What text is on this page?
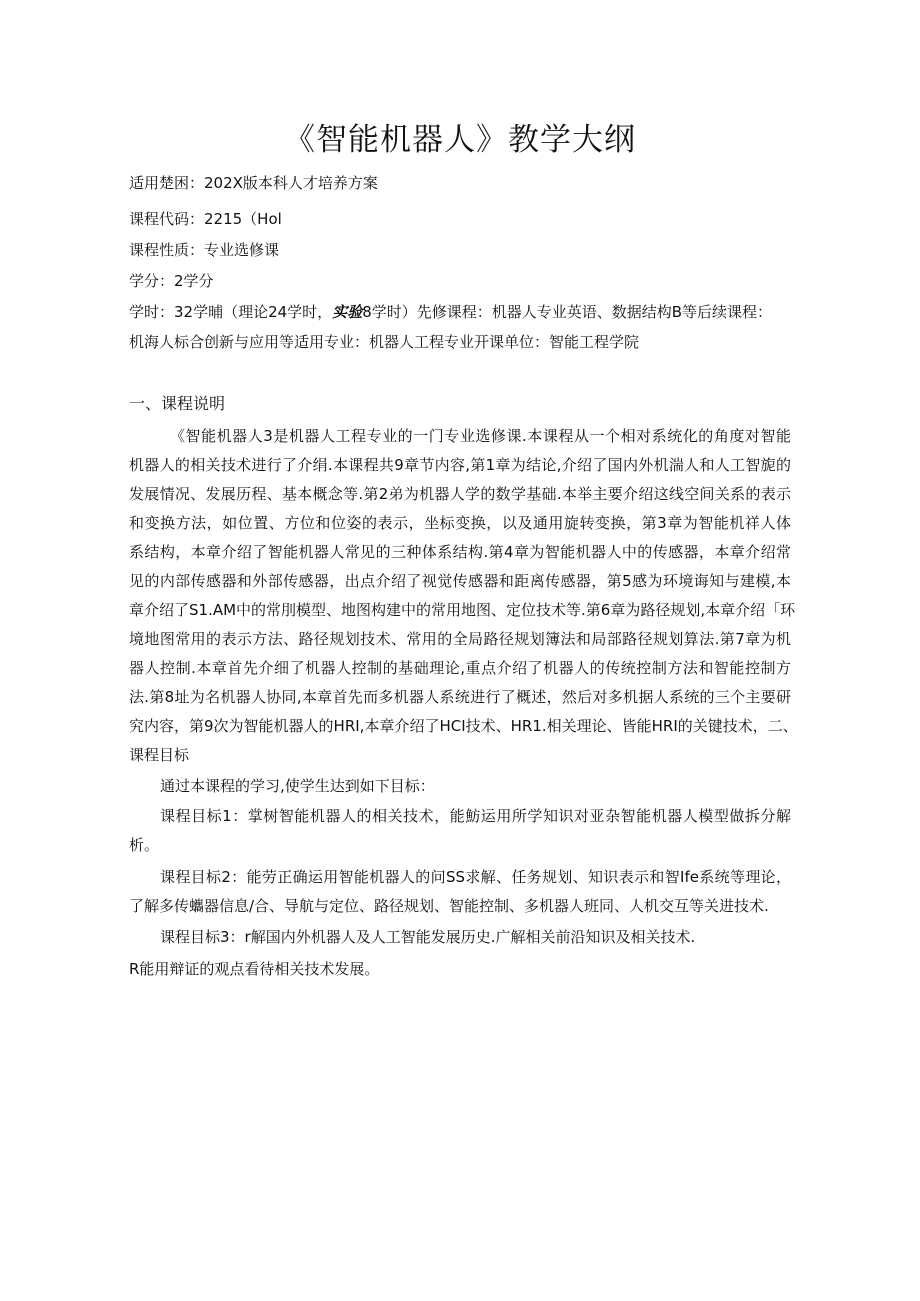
《智能机器人》教学大纲
适用楚困：202X版本科人才培养方案
课程代码：2215（Hol
课程性质：专业选修课
学分：2学分
学时：32学晡（理论24学时，实验8学时）先修课程：机器人专业英语、数据结构B等后续课程：
机海人标合创新与应用等适用专业：机器人工程专业开课单位：智能工程学院
一、课程说明
《智能机器人3是机器人工程专业的一门专业选修课.本课程从一个相对系统化的角度对智能
机器人的相关技术进行了介绢.本课程共9章节内容,第1章为结论,介绍了国内外机湍人和人工智旎的
发展情况、发展历程、基本概念等.第2弟为机器人学的数学基础.本举主要介绍这线空间关系的表示
和变换方法，如位置、方位和位姿的表示，坐标变换，以及通用旋转变换，第3章为智能机祥人体
系结构，本章介绍了智能机器人常见的三种体系结构.第4章为智能机器人中的传感器，本章介绍常
见的内部传感器和外部传感器，出点介绍了视觉传感器和距离传感器，第5感为环境诲知与建模,本
章介绍了S1.AM中的常刖模型、地图构建中的常用地图、定位技术等.第6章为路径规划,本章介绍「环
境地图常用的表示方法、路径规划技术、常用的全局路径规划簿法和局部路径规划算法.第7章为机
器人控制.本章首先介细了机器人控制的基础理论,重点介绍了机器人的传统控制方法和智能控制方
法.第8址为名机器人协同,本章首先而多机器人系统进行了概述，然后对多机据人系统的三个主要研
究内容，第9次为智能机器人的HRI,本章介绍了HCI技术、HR1.相关理论、皆能HRI的关键技术，二、
课程目标
通过本课程的学习,使学生达到如下目标：
课程目标1：掌树智能机器人的相关技术，能魴运用所学知识对亚杂智能机器人模型做拆分解
析。
课程目标2：能劳正确运用智能机器人的问SS求解、任务规划、知识表示和智Ife系统等理论，
了解多传蠵器信息/合、导航与定位、路径规划、智能控制、多机器人班同、人机交互等关进技术.
课程目标3：r解国内外机器人及人工智能发展历史.广解相关前沿知识及相关技术.
R能用辩证的观点看待相关技术发展。
